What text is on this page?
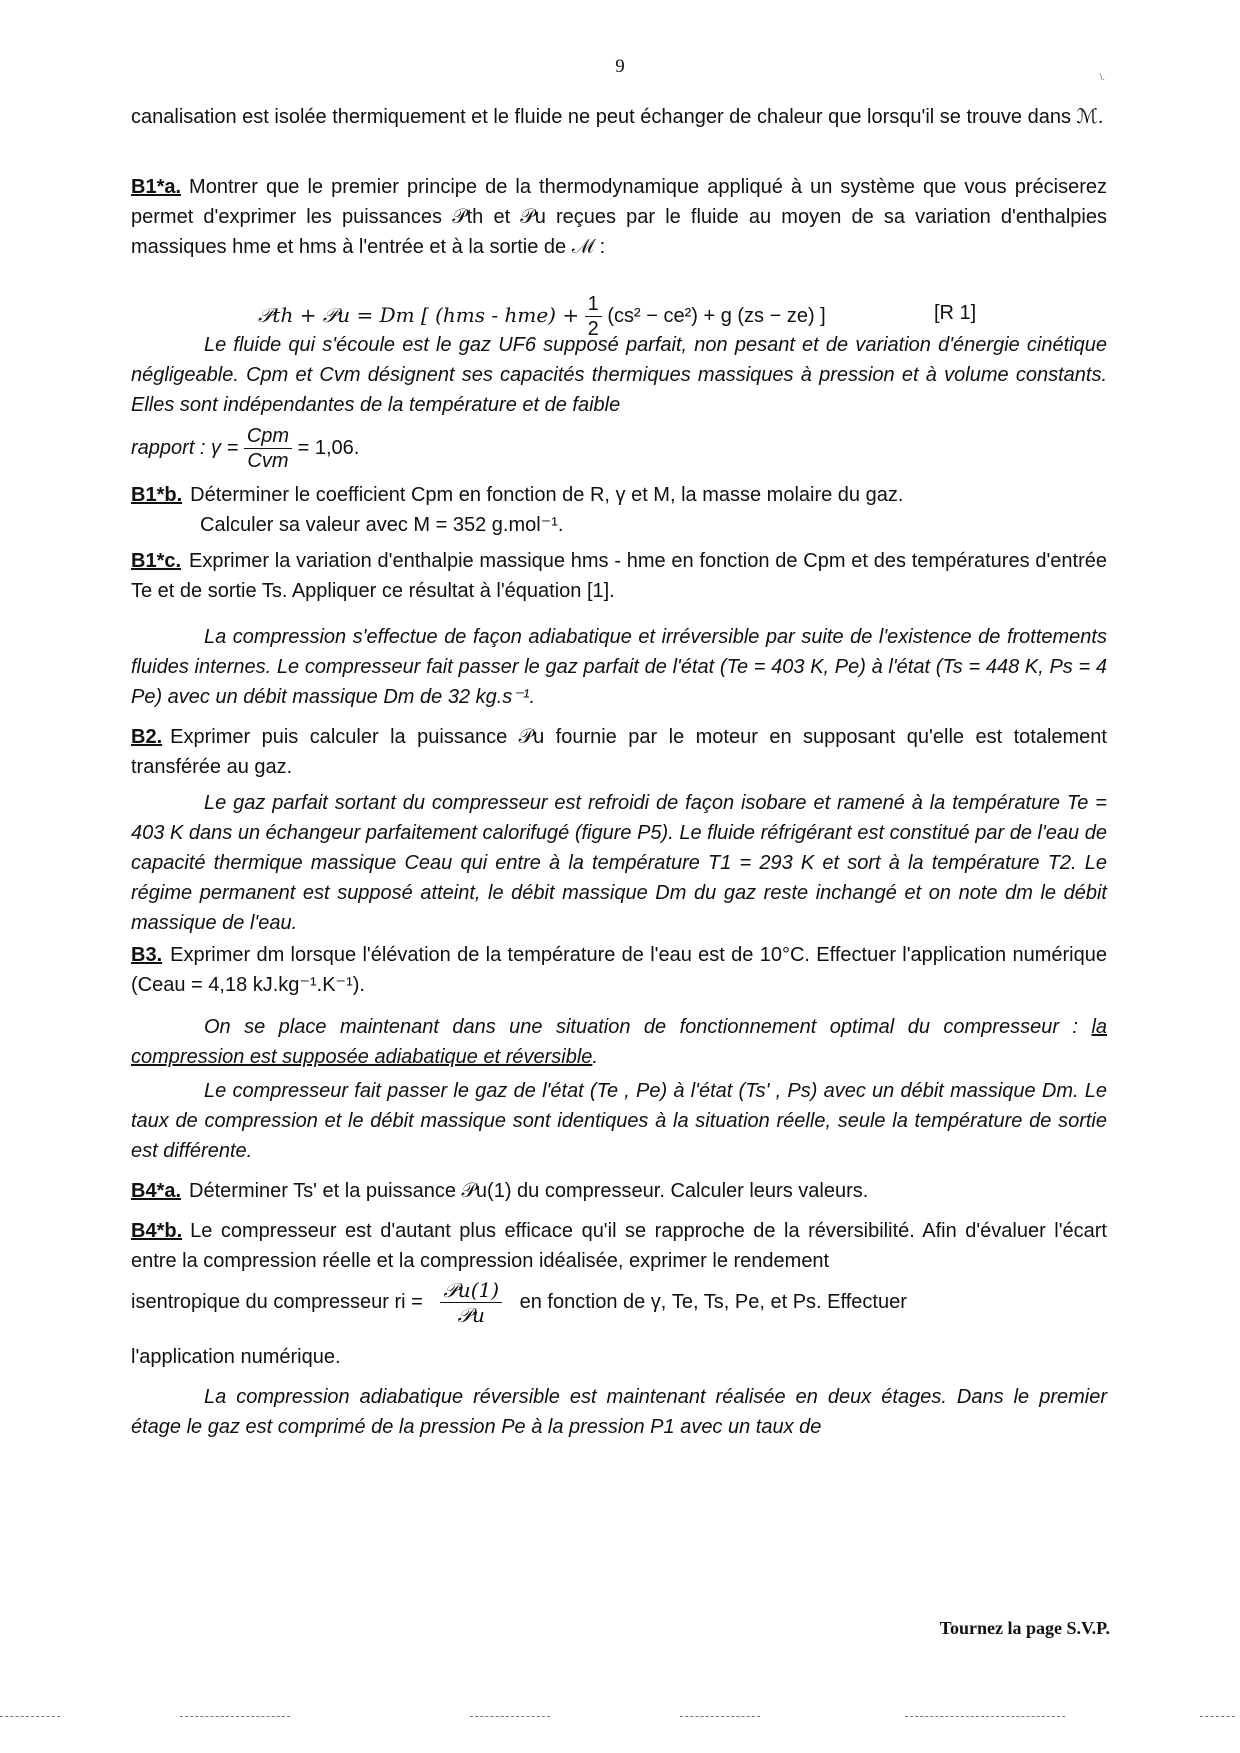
9	\.
canalisation est isolée thermiquement et le fluide ne peut échanger de chaleur que lorsqu'il se trouve dans ℳ.
B1*a. Montrer que le premier principe de la thermodynamique appliqué à un système que vous préciserez permet d'exprimer les puissances 𝒫th et 𝒫u reçues par le fluide au moyen de sa variation d'enthalpies massiques hme et hms à l'entrée et à la sortie de ℳ :
𝒫th + 𝒫u = Dm [ $(hms - hme) + \frac{1}{2} (cs^2 - ce^2) + g$ (zs − ze) ]	[R 1]
Le fluide qui s'écoule est le gaz UF6 supposé parfait, non pesant et de variation d'énergie cinétique négligeable. Cpm et Cvm désignent ses capacités thermiques massiques à pression et à volume constants. Elles sont indépendantes de la température et de faible
rapport : $\gamma = \frac{\text{Cpm}}{\text{Cvm}} = 1,06$.
B1*b. Déterminer le coefficient Cpm en fonction de R, γ et M, la masse molaire du gaz.
Calculer sa valeur avec M = 352 g.mol⁻¹.
B1*c. Exprimer la variation d'enthalpie massique hms - hme en fonction de Cpm et des températures d'entrée Te et de sortie Ts. Appliquer ce résultat à l'équation [1].
La compression s'effectue de façon adiabatique et irréversible par suite de l'existence de frottements fluides internes. Le compresseur fait passer le gaz parfait de l'état (Te = 403 K, Pe) à l'état (Ts = 448 K, Ps = 4 Pe) avec un débit massique Dm de 32 kg.s⁻¹.
B2. Exprimer puis calculer la puissance 𝒫u fournie par le moteur en supposant qu'elle est totalement transférée au gaz.
Le gaz parfait sortant du compresseur est refroidi de façon isobare et ramené à la température Te = 403 K dans un échangeur parfaitement calorifugé (figure P5). Le fluide réfrigérant est constitué par de l'eau de capacité thermique massique Ceau qui entre à la température T1 = 293 K et sort à la température T2. Le régime permanent est supposé atteint, le débit massique Dm du gaz reste inchangé et on note dm le débit massique de l'eau.
B3. Exprimer dm lorsque l'élévation de la température de l'eau est de 10°C. Effectuer l'application numérique (Ceau = 4,18 kJ.kg⁻¹.K⁻¹).
On se place maintenant dans une situation de fonctionnement optimal du compresseur : la compression est supposée adiabatique et réversible.
Le compresseur fait passer le gaz de l'état (Te , Pe) à l'état (Ts' , Ps) avec un débit massique Dm. Le taux de compression et le débit massique sont identiques à la situation réelle, seule la température de sortie est différente.
B4*a. Déterminer Ts' et la puissance 𝒫u(1) du compresseur. Calculer leurs valeurs.
B4*b. Le compresseur est d'autant plus efficace qu'il se rapproche de la réversibilité. Afin d'évaluer l'écart entre la compression réelle et la compression idéalisée, exprimer le rendement
isentropique du compresseur ri = $\frac{\text{𝒫u(1)}}{\text{𝒫u}}$ en fonction de γ, Te, Ts, Pe, et Ps. Effectuer
l'application numérique.
La compression adiabatique réversible est maintenant réalisée en deux étages. Dans le premier étage le gaz est comprimé de la pression Pe à la pression P1 avec un taux de
Tournez la page S.V.P.
